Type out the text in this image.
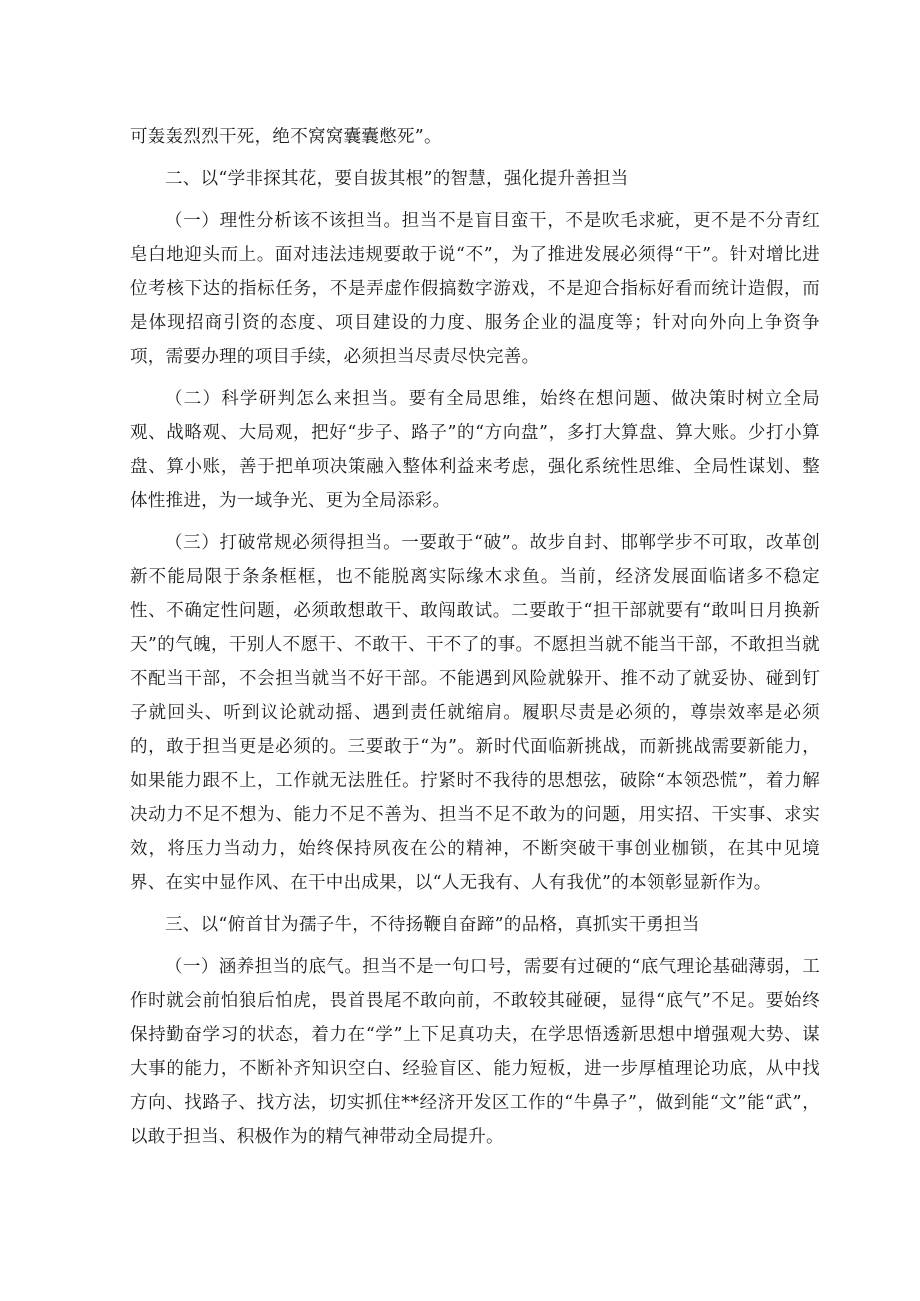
可轰轰烈烈干死，绝不窝窝囊囊憋死”。

二、以“学非探其花，要自拔其根”的智慧，强化提升善担当

（一）理性分析该不该担当。担当不是盲目蛮干，不是吹毛求疵，更不是不分青红皂白地迎头而上。面对违法违规要敢于说“不”，为了推进发展必须得“干”。针对增比进位考核下达的指标任务，不是弄虚作假搞数字游戏，不是迎合指标好看而统计造假，而是体现招商引资的态度、项目建设的力度、服务企业的温度等；针对向外向上争资争项，需要办理的项目手续，必须担当尽责尽快完善。

（二）科学研判怎么来担当。要有全局思维，始终在想问题、做决策时树立全局观、战略观、大局观，把好“步子、路子”的“方向盘”，多打大算盘、算大账。少打小算盘、算小账，善于把单项决策融入整体利益来考虑，强化系统性思维、全局性谋划、整体性推进，为一域争光、更为全局添彩。

（三）打破常规必须得担当。一要敢于“破”。故步自封、邯郸学步不可取，改革创新不能局限于条条框框，也不能脱离实际缘木求鱼。当前，经济发展面临诸多不稳定性、不确定性问题，必须敢想敢干、敢闯敢试。二要敢于“担干部就要有“敢叫日月换新天”的气魄，干别人不愿干、不敢干、干不了的事。不愿担当就不能当干部，不敢担当就不配当干部，不会担当就当不好干部。不能遇到风险就躲开、推不动了就妥协、碰到钉子就回头、听到议论就动摇、遇到责任就缩肩。履职尽责是必须的，尊崇效率是必须的，敢于担当更是必须的。三要敢于“为”。新时代面临新挑战，而新挑战需要新能力，如果能力跟不上，工作就无法胜任。拧紧时不我待的思想弦，破除“本领恐慌”，着力解决动力不足不想为、能力不足不善为、担当不足不敢为的问题，用实招、干实事、求实效，将压力当动力，始终保持夙夜在公的精神，不断突破干事创业枷锁，在其中见境界、在实中显作风、在干中出成果，以“人无我有、人有我优”的本领彰显新作为。

三、以“俯首甘为孺子牛，不待扬鞭自奋蹄”的品格，真抓实干勇担当

（一）涵养担当的底气。担当不是一句口号，需要有过硬的“底气理论基础薄弱，工作时就会前怕狼后怕虎，畏首畏尾不敢向前，不敢较其碰硬，显得“底气”不足。要始终保持勤奋学习的状态，着力在“学”上下足真功夫，在学思悟透新思想中增强观大势、谋大事的能力，不断补齐知识空白、经验盲区、能力短板，进一步厚植理论功底，从中找方向、找路子、找方法，切实抓住**经济开发区工作的“牛鼻子”，做到能“文”能“武”，以敢于担当、积极作为的精气神带动全局提升。
